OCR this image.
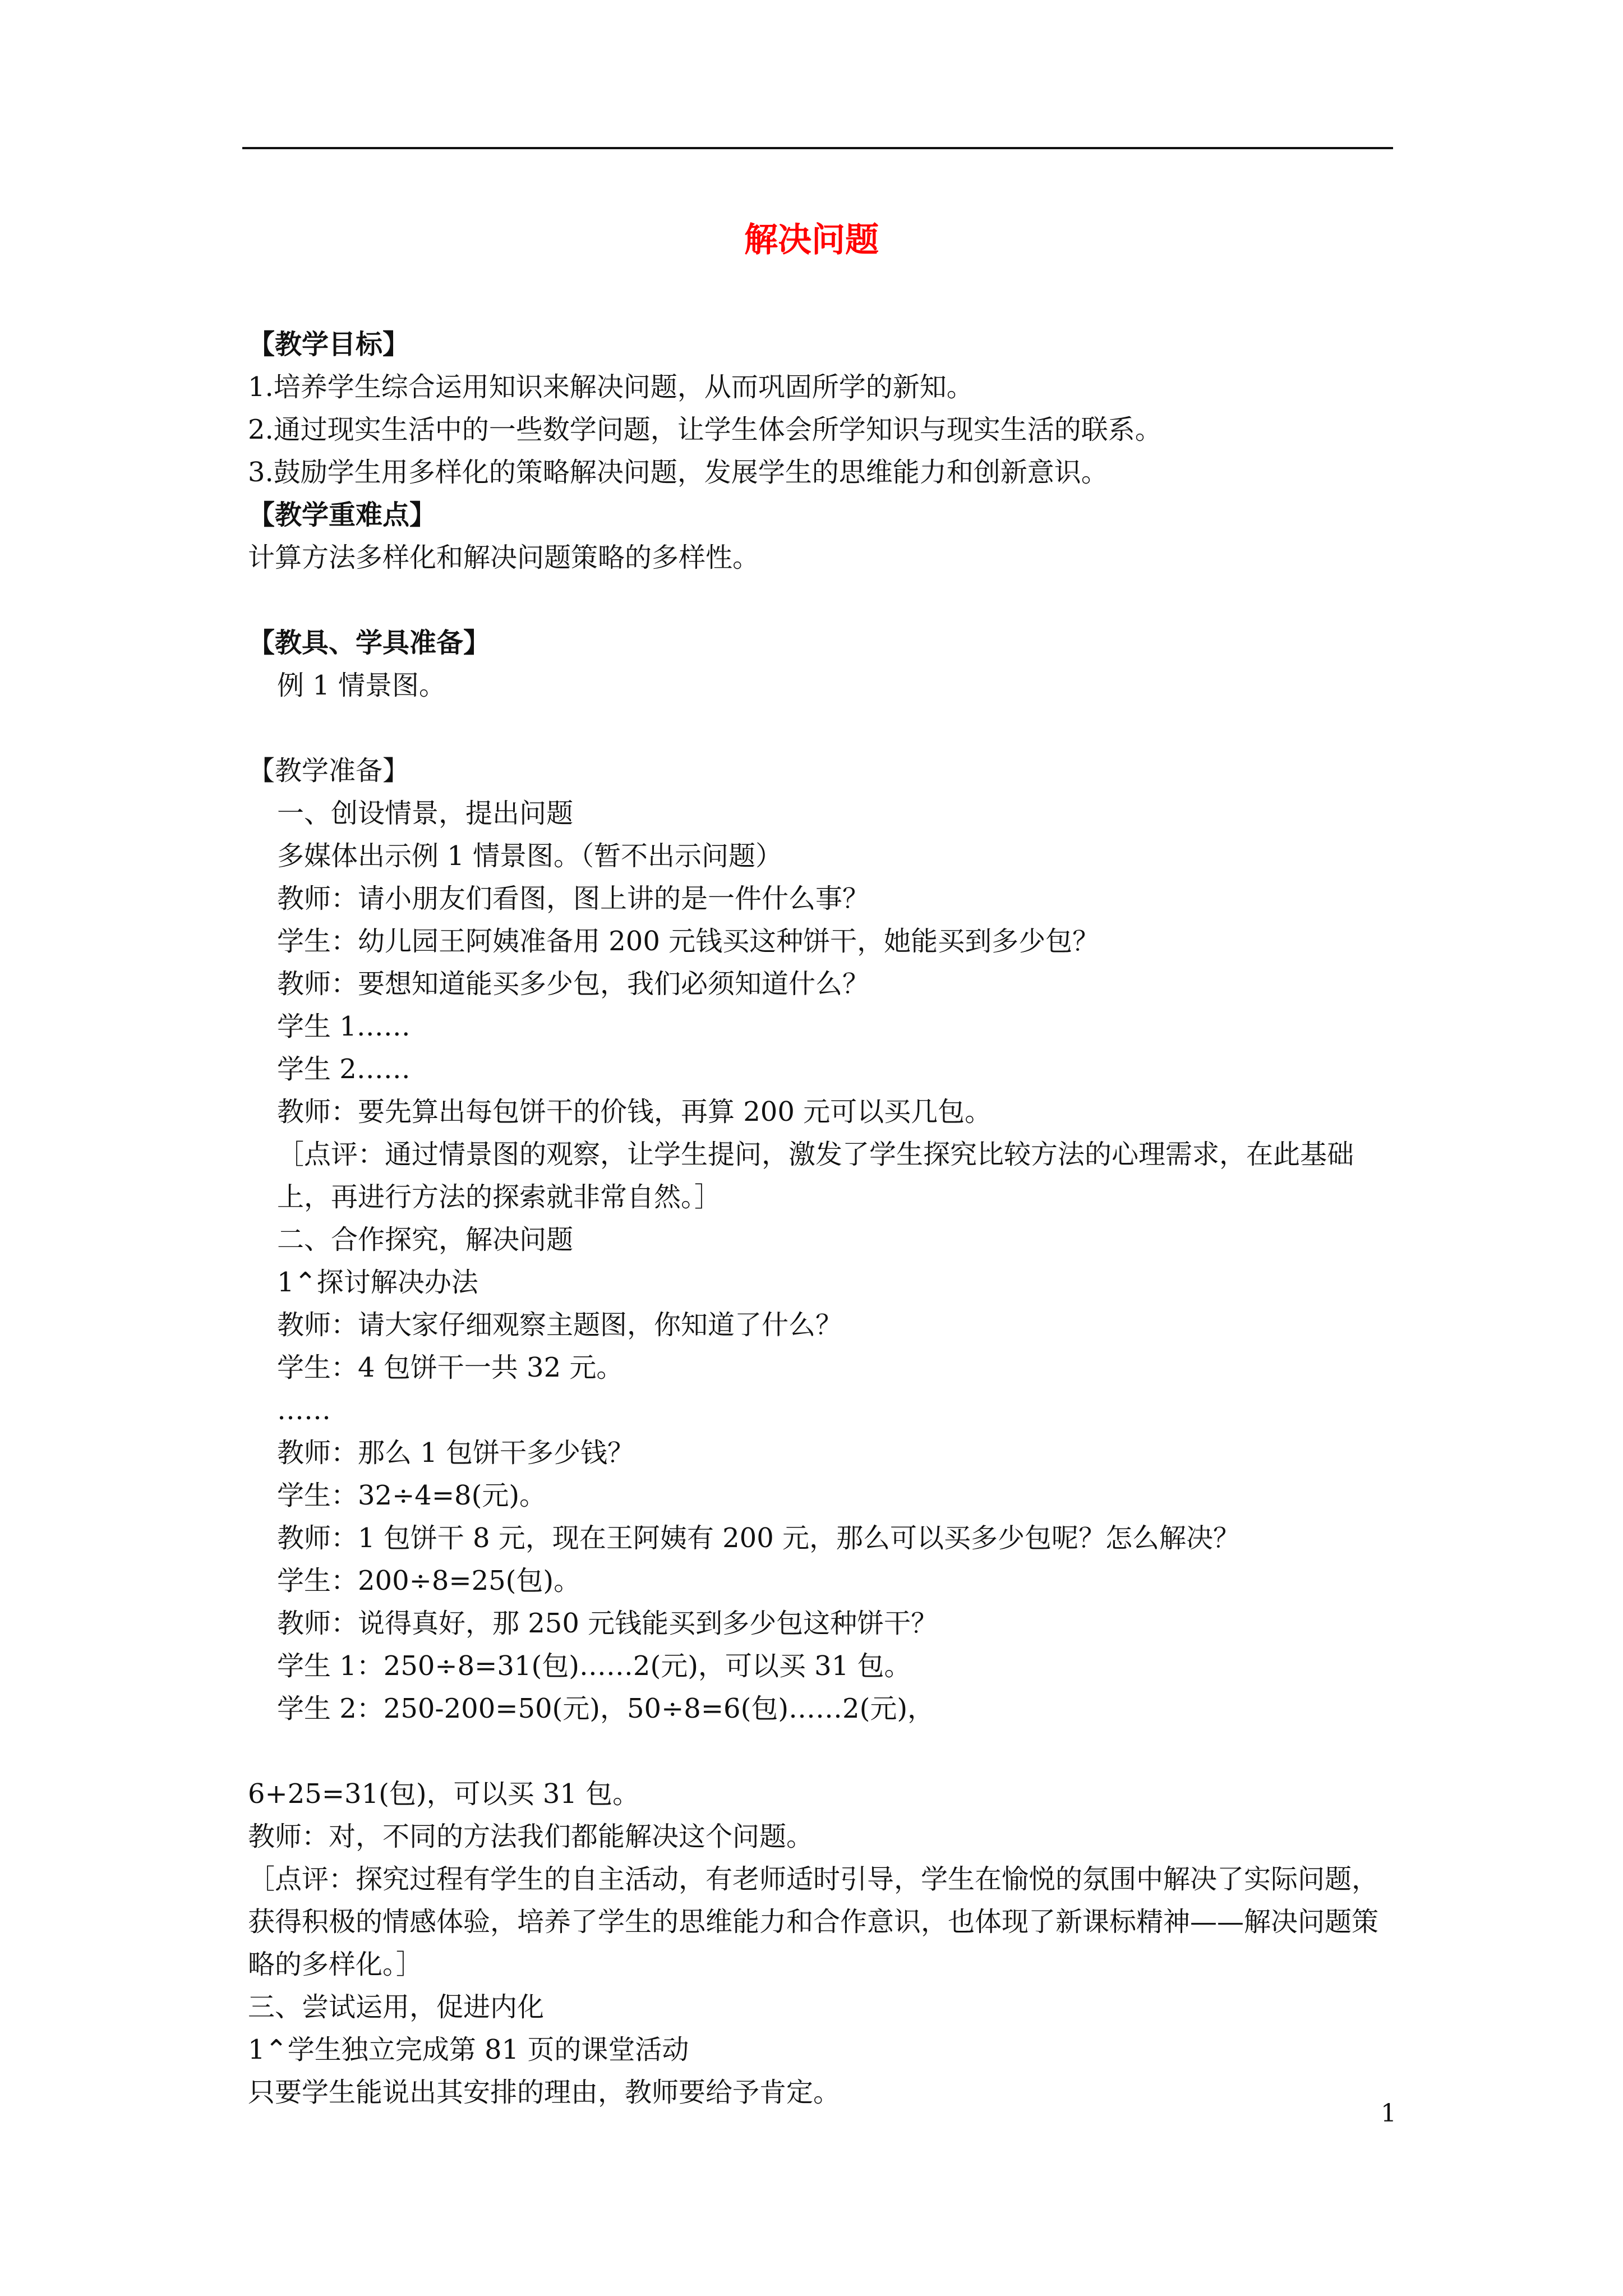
解决问题
【教学目标】
1.培养学生综合运用知识来解决问题，从而巩固所学的新知。
2.通过现实生活中的一些数学问题，让学生体会所学知识与现实生活的联系。
3.鼓励学生用多样化的策略解决问题，发展学生的思维能力和创新意识。
【教学重难点】
计算方法多样化和解决问题策略的多样性。
【教具、学具准备】
例 1 情景图。
【教学准备】
一、创设情景，提出问题
多媒体出示例 1 情景图。（暂不出示问题）
教师：请小朋友们看图，图上讲的是一件什么事？
学生：幼儿园王阿姨准备用 200 元钱买这种饼干，她能买到多少包？
教师：要想知道能买多少包，我们必须知道什么？
学生 1……
学生 2……
教师：要先算出每包饼干的价钱，再算 200 元可以买几包。
［点评：通过情景图的观察，让学生提问，激发了学生探究比较方法的心理需求，在此基础上，再进行方法的探索就非常自然。］
二、合作探究，解决问题
1⌃探讨解决办法
教师：请大家仔细观察主题图，你知道了什么？
学生：4 包饼干一共 32 元。
……
教师：那么 1 包饼干多少钱？
学生：32÷4=8(元)。
教师：1 包饼干 8 元，现在王阿姨有 200 元，那么可以买多少包呢？怎么解决？
学生：200÷8=25(包)。
教师：说得真好，那 250 元钱能买到多少包这种饼干？
学生 1：250÷8=31(包)……2(元)，可以买 31 包。
学生 2：250-200=50(元)，50÷8=6(包)……2(元)，
6+25=31(包)，可以买 31 包。
教师：对，不同的方法我们都能解决这个问题。
［点评：探究过程有学生的自主活动，有老师适时引导，学生在愉悦的氛围中解决了实际问题，获得积极的情感体验，培养了学生的思维能力和合作意识，也体现了新课标精神——解决问题策略的多样化。］
三、尝试运用，促进内化
1⌃学生独立完成第 81 页的课堂活动
只要学生能说出其安排的理由，教师要给予肯定。
1
